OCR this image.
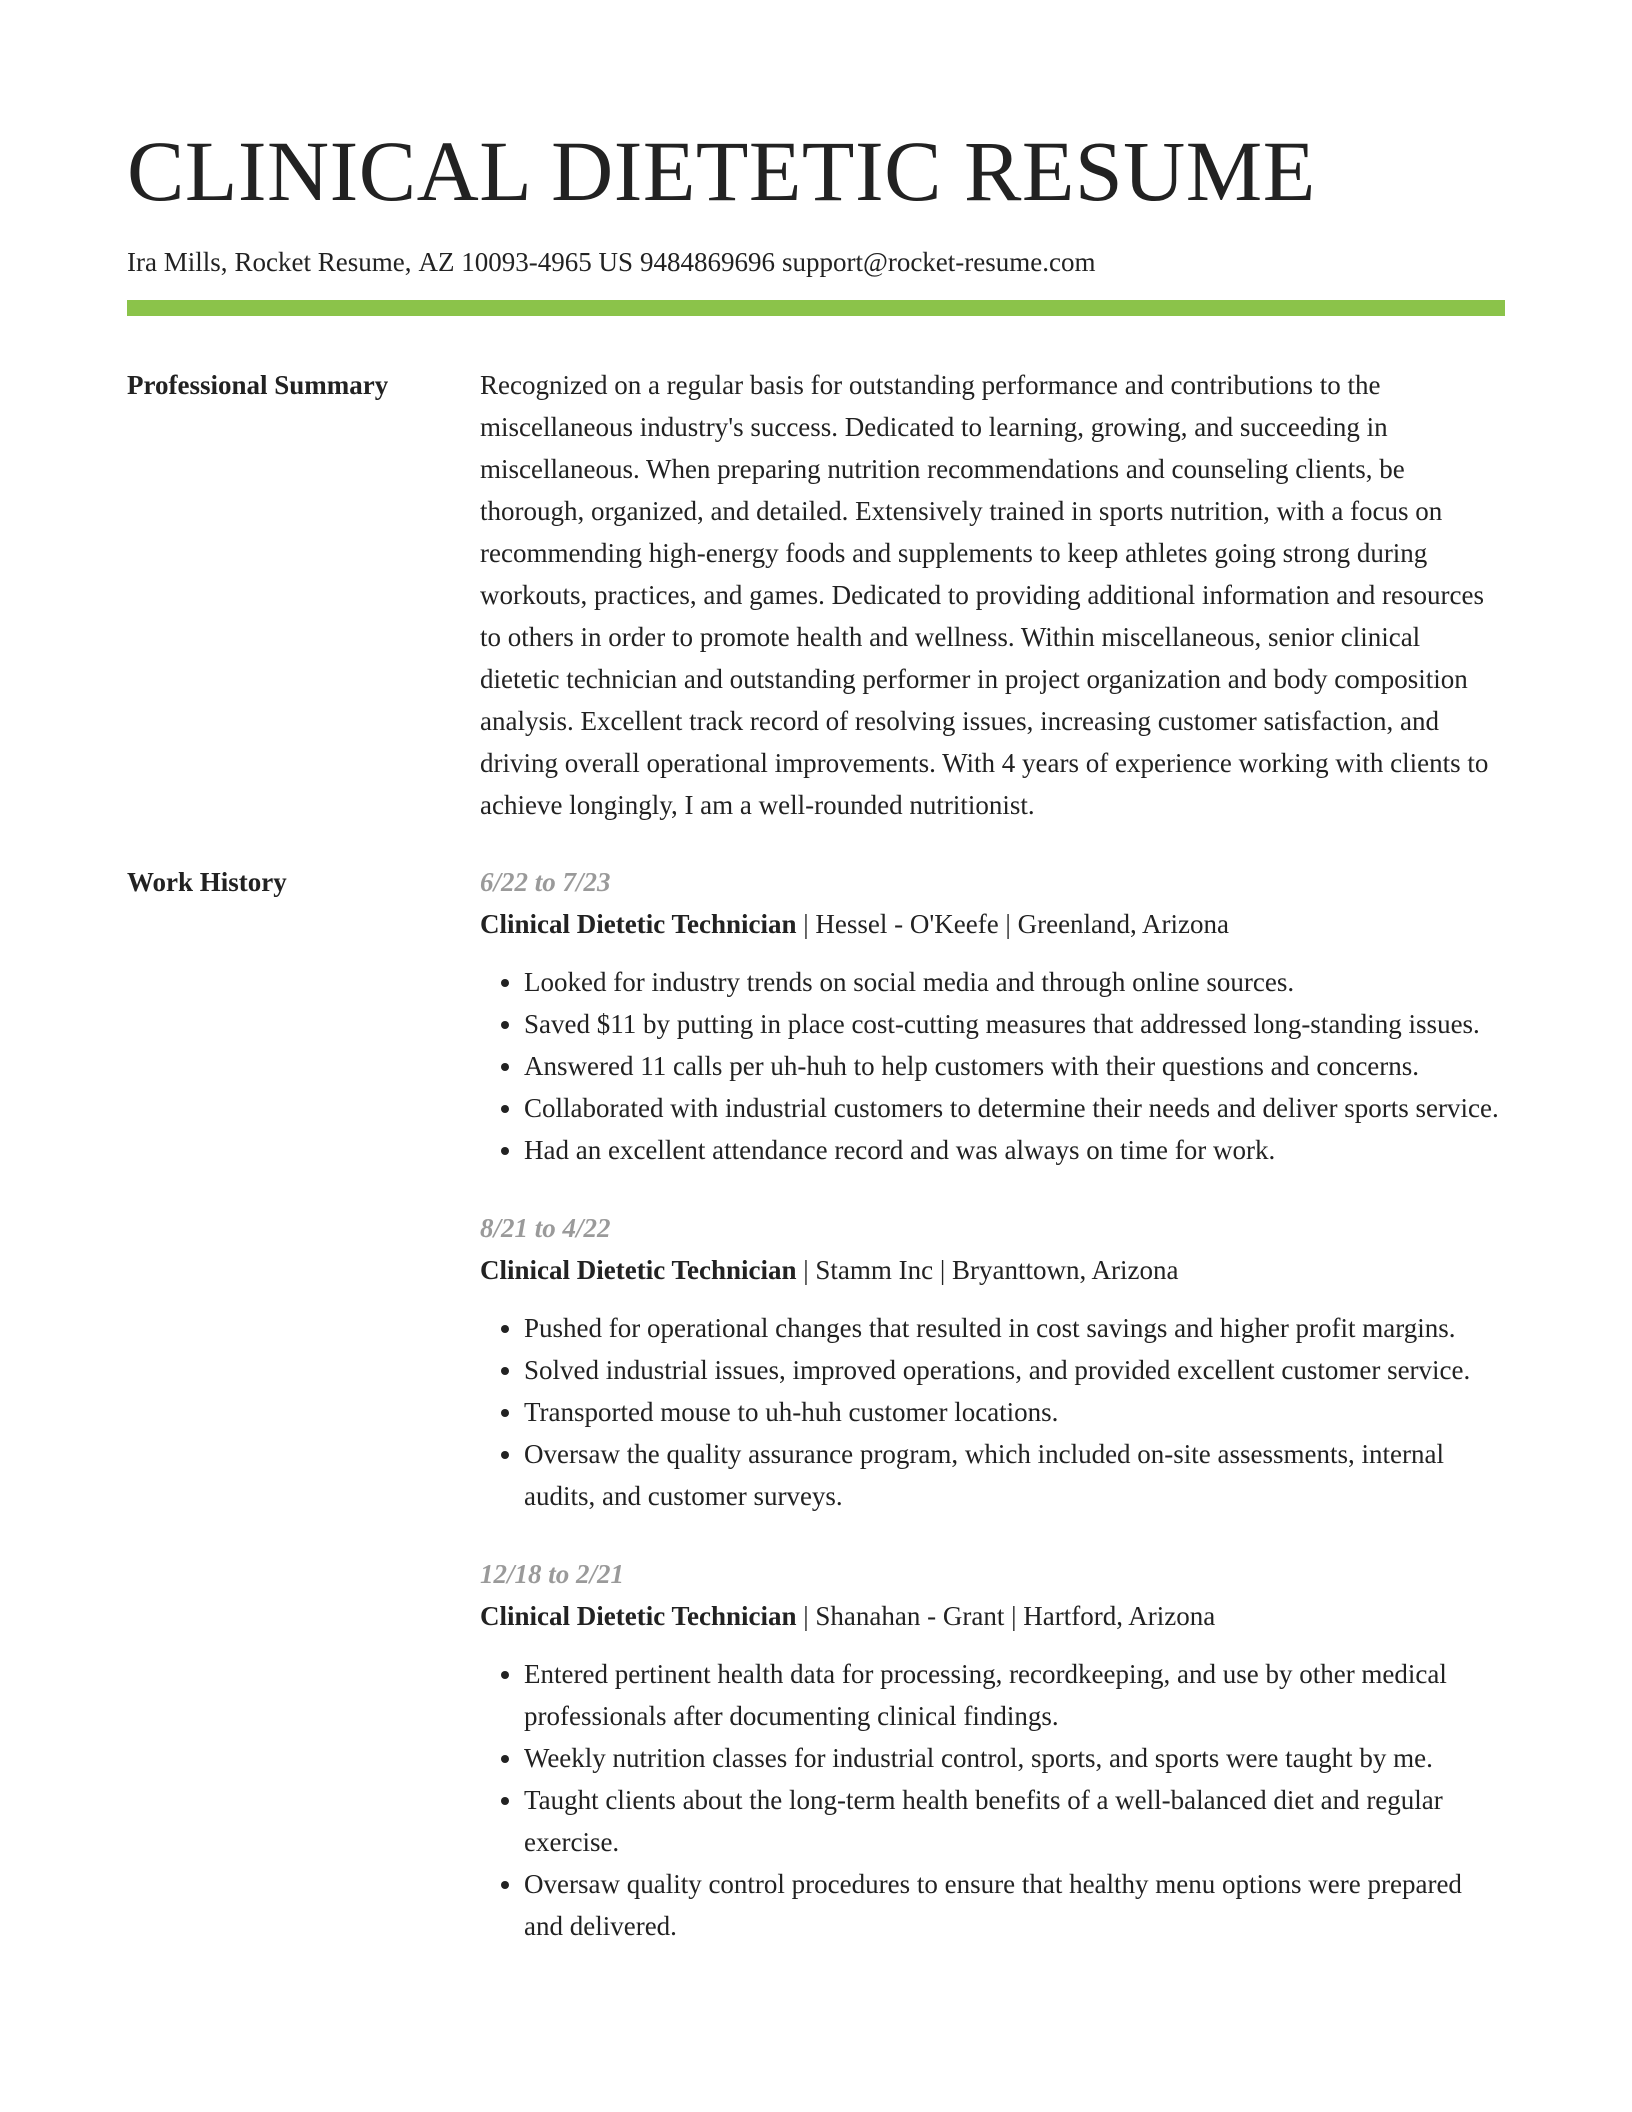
CLINICAL DIETETIC RESUME
Ira Mills, Rocket Resume, AZ 10093-4965 US 9484869696 support@rocket-resume.com
Professional Summary	Recognized on a regular basis for outstanding performance and contributions to the miscellaneous industry's success. Dedicated to learning, growing, and succeeding in miscellaneous. When preparing nutrition recommendations and counseling clients, be thorough, organized, and detailed. Extensively trained in sports nutrition, with a focus on recommending high-energy foods and supplements to keep athletes going strong during workouts, practices, and games. Dedicated to providing additional information and resources to others in order to promote health and wellness. Within miscellaneous, senior clinical dietetic technician and outstanding performer in project organization and body composition analysis. Excellent track record of resolving issues, increasing customer satisfaction, and driving overall operational improvements. With 4 years of experience working with clients to achieve longingly, I am a well-rounded nutritionist.

Work History	6/22 to 7/23
Clinical Dietetic Technician | Hessel - O'Keefe | Greenland, Arizona
• Looked for industry trends on social media and through online sources.
• Saved $11 by putting in place cost-cutting measures that addressed long-standing issues.
• Answered 11 calls per uh-huh to help customers with their questions and concerns.
• Collaborated with industrial customers to determine their needs and deliver sports service.
• Had an excellent attendance record and was always on time for work.
8/21 to 4/22
Clinical Dietetic Technician | Stamm Inc | Bryanttown, Arizona
• Pushed for operational changes that resulted in cost savings and higher profit margins.
• Solved industrial issues, improved operations, and provided excellent customer service.
• Transported mouse to uh-huh customer locations.
• Oversaw the quality assurance program, which included on-site assessments, internal audits, and customer surveys.
12/18 to 2/21
Clinical Dietetic Technician | Shanahan - Grant | Hartford, Arizona
• Entered pertinent health data for processing, recordkeeping, and use by other medical professionals after documenting clinical findings.
• Weekly nutrition classes for industrial control, sports, and sports were taught by me.
• Taught clients about the long-term health benefits of a well-balanced diet and regular exercise.
• Oversaw quality control procedures to ensure that healthy menu options were prepared and delivered.
